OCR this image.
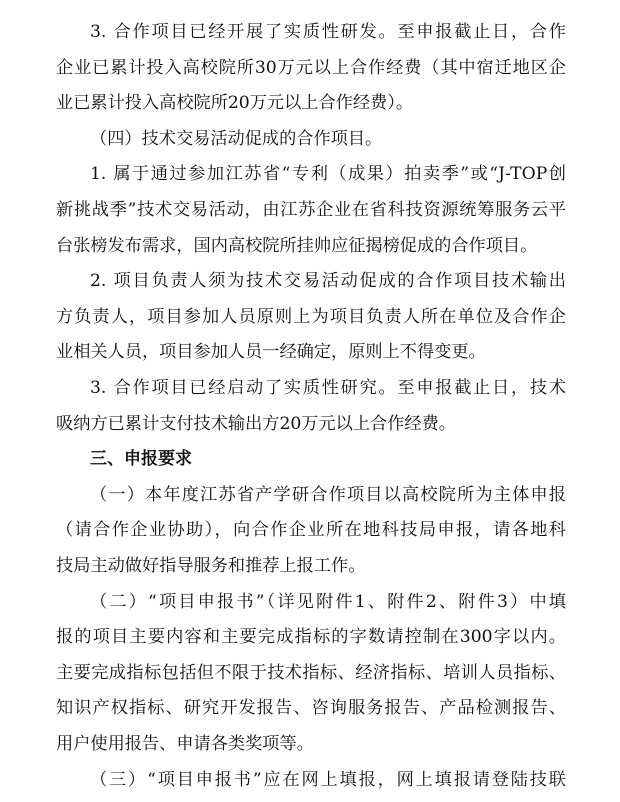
3. 合作项目已经开展了实质性研发。至申报截止日，合作
企业已累计投入高校院所30万元以上合作经费（其中宿迁地区企
业已累计投入高校院所20万元以上合作经费）。
（四）技术交易活动促成的合作项目。
1. 属于通过参加江苏省“专利（成果）拍卖季”或“J-TOP创
新挑战季”技术交易活动，由江苏企业在省科技资源统筹服务云平
台张榜发布需求，国内高校院所挂帅应征揭榜促成的合作项目。
2. 项目负责人须为技术交易活动促成的合作项目技术输出
方负责人，项目参加人员原则上为项目负责人所在单位及合作企
业相关人员，项目参加人员一经确定，原则上不得变更。
3. 合作项目已经启动了实质性研究。至申报截止日，技术
吸纳方已累计支付技术输出方20万元以上合作经费。
三、申报要求
（一）本年度江苏省产学研合作项目以高校院所为主体申报
（请合作企业协助），向合作企业所在地科技局申报，请各地科
技局主动做好指导服务和推荐上报工作。
（二）“项目申报书”（详见附件1、附件2、附件3）中填
报的项目主要内容和主要完成指标的字数请控制在300字以内。
主要完成指标包括但不限于技术指标、经济指标、培训人员指标、
知识产权指标、研究开发报告、咨询服务报告、产品检测报告、
用户使用报告、申请各类奖项等。
（三）“项目申报书”应在网上填报，网上填报请登陆技联
